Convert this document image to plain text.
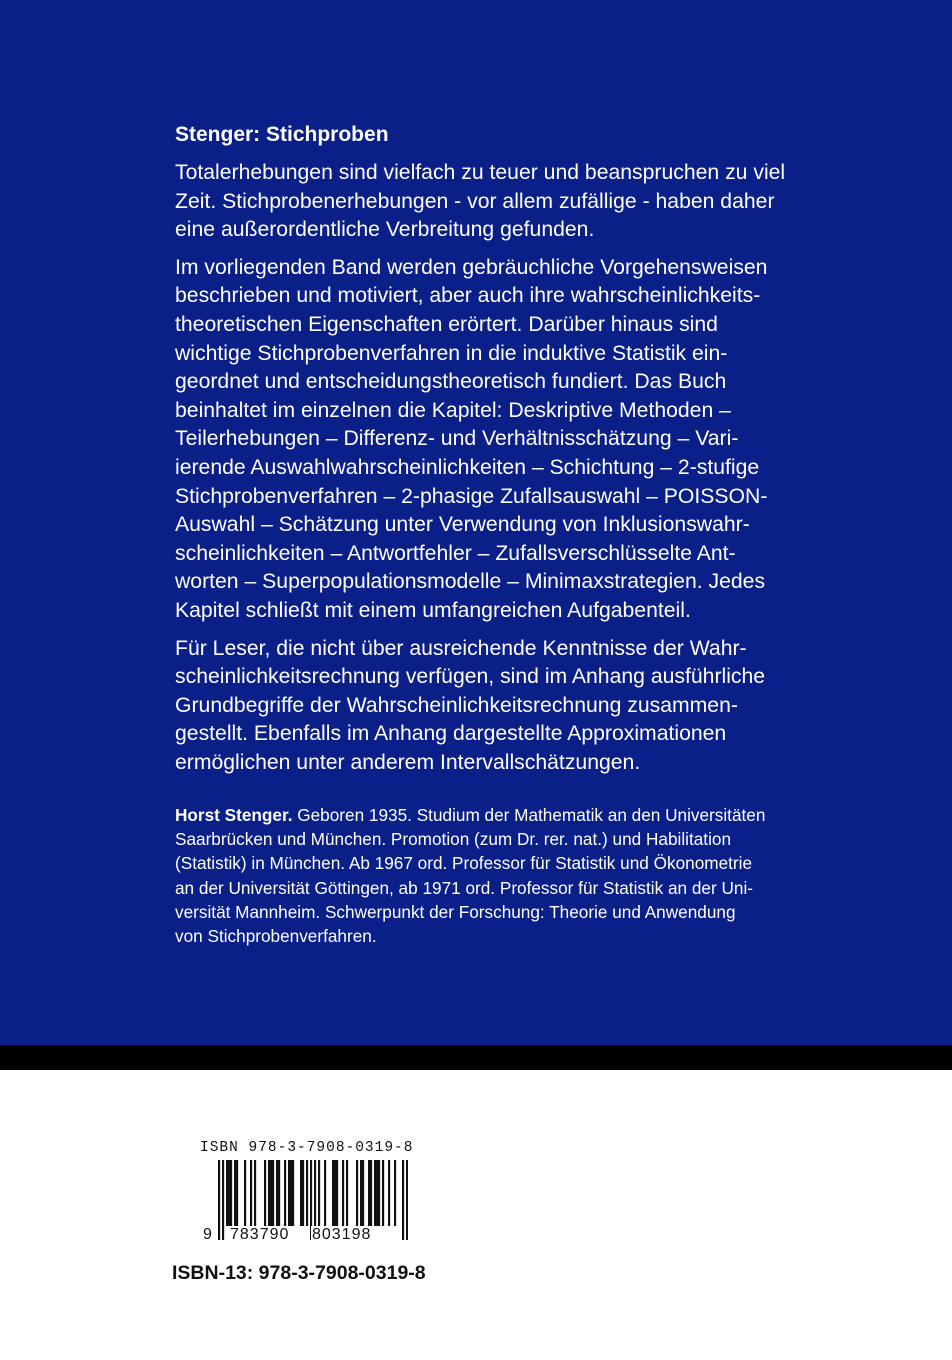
Stenger: Stichproben
Totalerhebungen sind vielfach zu teuer und beanspruchen zu viel
Zeit. Stichprobenerhebungen - vor allem zufällige - haben daher
eine außerordentliche Verbreitung gefunden.
Im vorliegenden Band werden gebräuchliche Vorgehensweisen
beschrieben und motiviert, aber auch ihre wahrscheinlichkeits-
theoretischen Eigenschaften erörtert. Darüber hinaus sind
wichtige Stichprobenverfahren in die induktive Statistik ein-
geordnet und entscheidungstheoretisch fundiert. Das Buch
beinhaltet im einzelnen die Kapitel: Deskriptive Methoden –
Teilerhebungen – Differenz- und Verhältnisschätzung – Vari-
ierende Auswahlwahrscheinlichkeiten – Schichtung – 2-stufige
Stichprobenverfahren – 2-phasige Zufallsauswahl – POISSON-
Auswahl – Schätzung unter Verwendung von Inklusionswahr-
scheinlichkeiten – Antwortfehler – Zufallsverschlüsselte Ant-
worten – Superpopulationsmodelle – Minimaxstrategien. Jedes
Kapitel schließt mit einem umfangreichen Aufgabenteil.
Für Leser, die nicht über ausreichende Kenntnisse der Wahr-
scheinlichkeitsrechnung verfügen, sind im Anhang ausführliche
Grundbegriffe der Wahrscheinlichkeitsrechnung zusammen-
gestellt. Ebenfalls im Anhang dargestellte Approximationen
ermöglichen unter anderem Intervallschätzungen.
Horst Stenger. Geboren 1935. Studium der Mathematik an den Universitäten
Saarbrücken und München. Promotion (zum Dr. rer. nat.) und Habilitation
(Statistik) in München. Ab 1967 ord. Professor für Statistik und Ökonometrie
an der Universität Göttingen, ab 1971 ord. Professor für Statistik an der Uni-
versität Mannheim. Schwerpunkt der Forschung: Theorie und Anwendung
von Stichprobenverfahren.
ISBN 978-3-7908-0319-8
9 783790 803198
ISBN-13: 978-3-7908-0319-8
